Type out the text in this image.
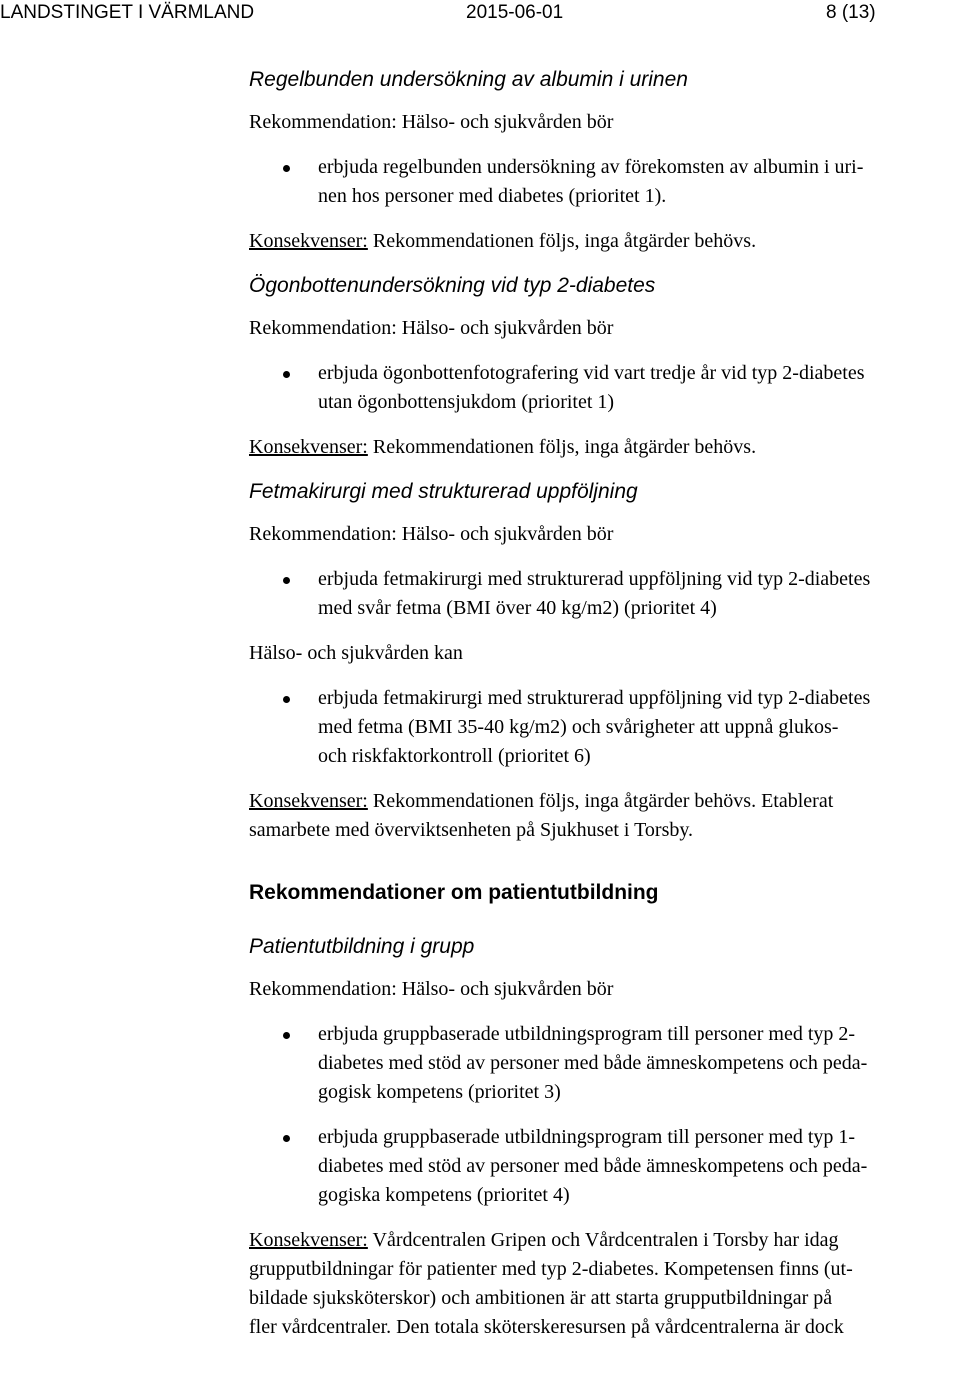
LANDSTINGET I VÄRMLAND	2015-06-01	8 (13)
Regelbunden undersökning av albumin i urinen
Rekommendation: Hälso- och sjukvården bör
erbjuda regelbunden undersökning av förekomsten av albumin i uri-
nen hos personer med diabetes (prioritet 1).
Konsekvenser: Rekommendationen följs, inga åtgärder behövs.
Ögonbottenundersökning vid typ 2-diabetes
Rekommendation: Hälso- och sjukvården bör
erbjuda ögonbottenfotografering vid vart tredje år vid typ 2-diabetes
utan ögonbottensjukdom (prioritet 1)
Konsekvenser: Rekommendationen följs, inga åtgärder behövs.
Fetmakirurgi med strukturerad uppföljning
Rekommendation: Hälso- och sjukvården bör
erbjuda fetmakirurgi med strukturerad uppföljning vid typ 2-diabetes
med svår fetma (BMI över 40 kg/m2) (prioritet 4)
Hälso- och sjukvården kan
erbjuda fetmakirurgi med strukturerad uppföljning vid typ 2-diabetes
med fetma (BMI 35-40 kg/m2) och svårigheter att uppnå glukos-
och riskfaktorkontroll (prioritet 6)
Konsekvenser: Rekommendationen följs, inga åtgärder behövs. Etablerat
samarbete med överviktsenheten på Sjukhuset i Torsby.
Rekommendationer om patientutbildning
Patientutbildning i grupp
Rekommendation: Hälso- och sjukvården bör
erbjuda gruppbaserade utbildningsprogram till personer med typ 2-
diabetes med stöd av personer med både ämneskompetens och peda-
gogisk kompetens (prioritet 3)
erbjuda gruppbaserade utbildningsprogram till personer med typ 1-
diabetes med stöd av personer med både ämneskompetens och peda-
gogiska kompetens (prioritet 4)
Konsekvenser: Vårdcentralen Gripen och Vårdcentralen i Torsby har idag
grupputbildningar för patienter med typ 2-diabetes. Kompetensen finns (ut-
bildade sjuksköterskor) och ambitionen är att starta grupputbildningar på
fler vårdcentraler. Den totala sköterskeresursen på vårdcentralerna är dock
